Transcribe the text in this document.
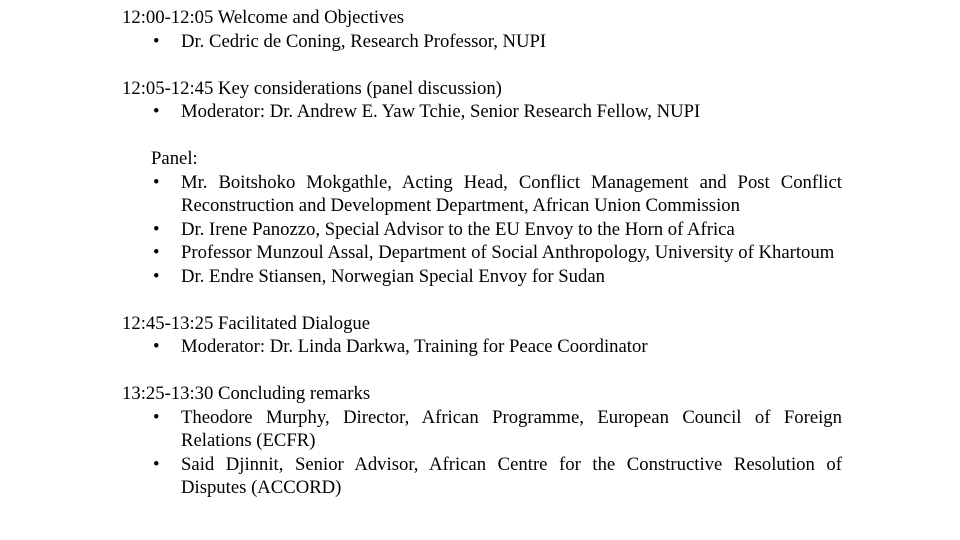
12:00-12:05 Welcome and Objectives

• Dr. Cedric de Coning, Research Professor, NUPI

12:05-12:45 Key considerations (panel discussion)

• Moderator: Dr. Andrew E. Yaw Tchie, Senior Research Fellow, NUPI
Panel:
• Mr. Boitshoko Mokgathle, Acting Head, Conflict Management and Post Conflict Reconstruction and Development Department, African Union Commission
• Dr. Irene Panozzo, Special Advisor to the EU Envoy to the Horn of Africa
• Professor Munzoul Assal, Department of Social Anthropology, University of Khartoum
• Dr. Endre Stiansen, Norwegian Special Envoy for Sudan

12:45-13:25 Facilitated Dialogue

• Moderator: Dr. Linda Darkwa, Training for Peace Coordinator

13:25-13:30 Concluding remarks

• Theodore Murphy, Director, African Programme, European Council of Foreign Relations (ECFR)
• Said Djinnit, Senior Advisor, African Centre for the Constructive Resolution of Disputes (ACCORD)
